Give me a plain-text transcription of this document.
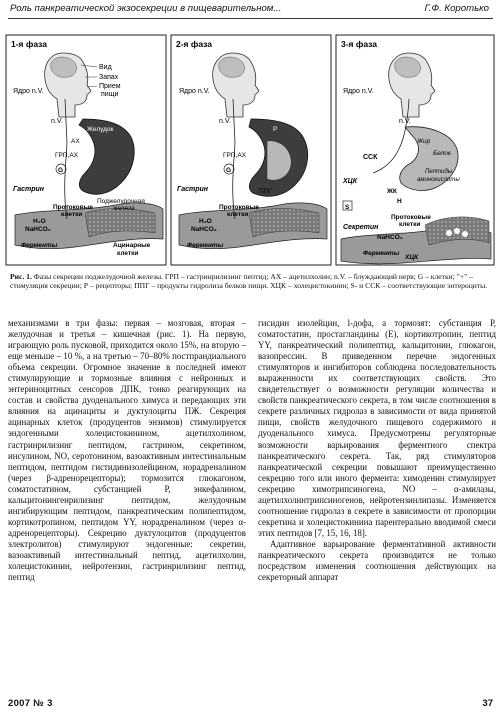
Роль панкреатической экзосекреции в пищеварительном...	Г.Ф. Коротько
1-я фаза
Вид
Запах
Прием
пищи
Ядро n.V.
n.V.
Желудок
G
ГРП,АХ
АХ
Гастрин
Поджелудочная
железа
Протоковые
клетки
H₂O
NaHCO₃
Ферменты	Ацинарные
клетки
2-я фаза
Ядро n.V.
n.V.
P
G
ГРП,АХ
ППГ
Гастрин
Протоковые
клетки
H₂O
NaHCO₃
Ферменты
3-я фаза
Ядро n.V.
n.V.
ССК
Жир
Белок
Пептиды,
аминокислоты
ХЦК
S
Секретин
ЖК
H
Протоковые
клетки
NaHCO₃
Ферменты
ХЦК
Рис. 1. Фазы секреции поджелудочной железы. ГРП – гастринрилизинг пептид; АХ – ацетилхолин; n.V. – блуждающий нерв; G – клетки; "+" – стимуляция секреции; Р – рецепторы; ППГ – продукты гидролиза белков пищи. ХЦК – холецистокинин; S- и ССК – соответствующие энтероциты.

механизмами в три фазы: первая – мозговая, вторая – желудочная и третья – кишечная (рис. 1). На первую, играющую роль пусковой, приходится около 15%, на вторую – еще меньше – 10 %, а на третью – 70–80% постпрандиального объема секреции. Огромное значение в последней имеют стимулирующие и тормозные влияния с нейронных и энтериноцитных сенсоров ДПК, тонко реагирующих на состав и свойства дуоденального химуса и передающих эти влияния на ацинациты и дуктулоциты ПЖ. Секреция ацинарных клеток (продуцентов энзимов) стимулируется эндогенными холецистокинином, ацетилхолином, гастринрилизинг пептидом, гастрином, секретином, инсулином, NO, серотонином, вазоактивным интестинальным пептидом, пептидом гистидинизолейцином, норадреналином (через β-адренорецепторы); тормозится глюкагоном, соматостатином, субстанцией Р, энкефалином, кальцитонингенрилизинг пептидом, желудочным ингибирующим пептидом, панкреатическим полипептидом, кортикотропином, пептидом YY, норадреналином (через α-адренорецепторы). Секрецию дуктулоцитов (продуцентов электролитов) стимулируют эндогенные: секретин, вазоактивный интестинальный пептид, ацетилхолин, холецистокинин, нейротензин, гастринрилизинг пептид, пептид

гисидин изолейцин, l-дофа, а тормозят: субстанция Р, соматостатин, простагландины (Е), кортикотропин, пептид YY, панкреатический полипептид, кальцитонин, глюкагон, вазопрессин. В приведенном перечне эндогенных стимуляторов и ингибиторов соблюдена последовательность выраженности их соответствующих свойств. Это свидетельствует о возможности регуляции количества и свойств панкреатического секрета, в том числе соотношения в секрете различных гидролаз в зависимости от вида принятой пищи, свойств желудочного пищевого содержимого и дуоденального химуса. Предусмотрены регуляторные возможности варьирования ферментного спектра панкреатического секрета. Так, ряд стимуляторов панкреатической секреции повышают преимущественно секрецию того или иного фермента: химоденин стимулирует секрецию химотрипсиногена, NO – α-амилазы, ацетилхолинтрипсиногенов, нейротензинлипазы. Изменяется соотношение гидролаз в секрете в зависимости от пропорции секретина и холецистокинина парентерально вводимой смеси этих пептидов [7, 15, 16, 18].

Адаптивное варьирование ферментативной активности панкреатического секрета производится не только посредством изменения соотношения действующих на секреторный аппарат

2007 № 3	37
